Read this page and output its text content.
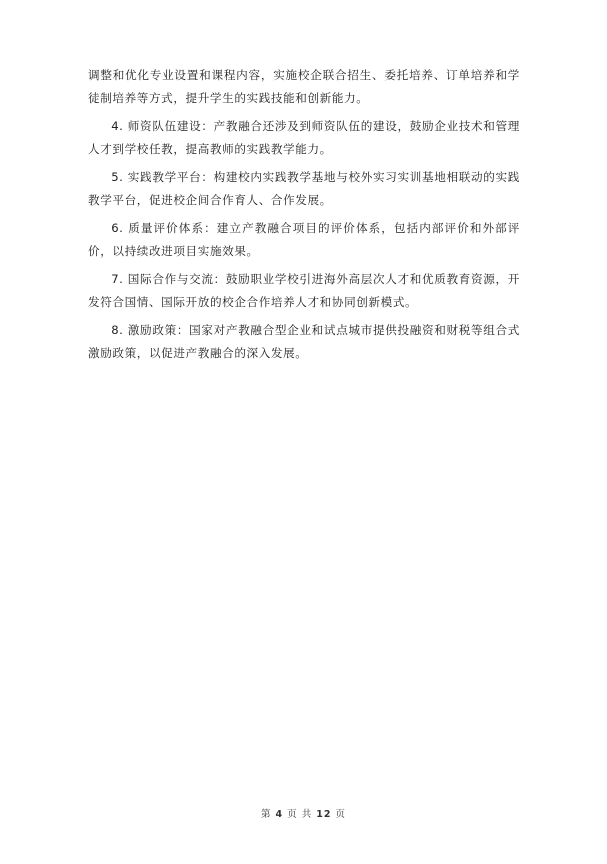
调整和优化专业设置和课程内容，实施校企联合招生、委托培养、订单培养和学徒制培养等方式，提升学生的实践技能和创新能力。

4. 师资队伍建设：产教融合还涉及到师资队伍的建设，鼓励企业技术和管理人才到学校任教，提高教师的实践教学能力。

5. 实践教学平台：构建校内实践教学基地与校外实习实训基地相联动的实践教学平台，促进校企间合作育人、合作发展。

6. 质量评价体系：建立产教融合项目的评价体系，包括内部评价和外部评价，以持续改进项目实施效果。

7. 国际合作与交流：鼓励职业学校引进海外高层次人才和优质教育资源，开发符合国情、国际开放的校企合作培养人才和协同创新模式。

8. 激励政策：国家对产教融合型企业和试点城市提供投融资和财税等组合式激励政策，以促进产教融合的深入发展。

第 4 页 共 12 页
